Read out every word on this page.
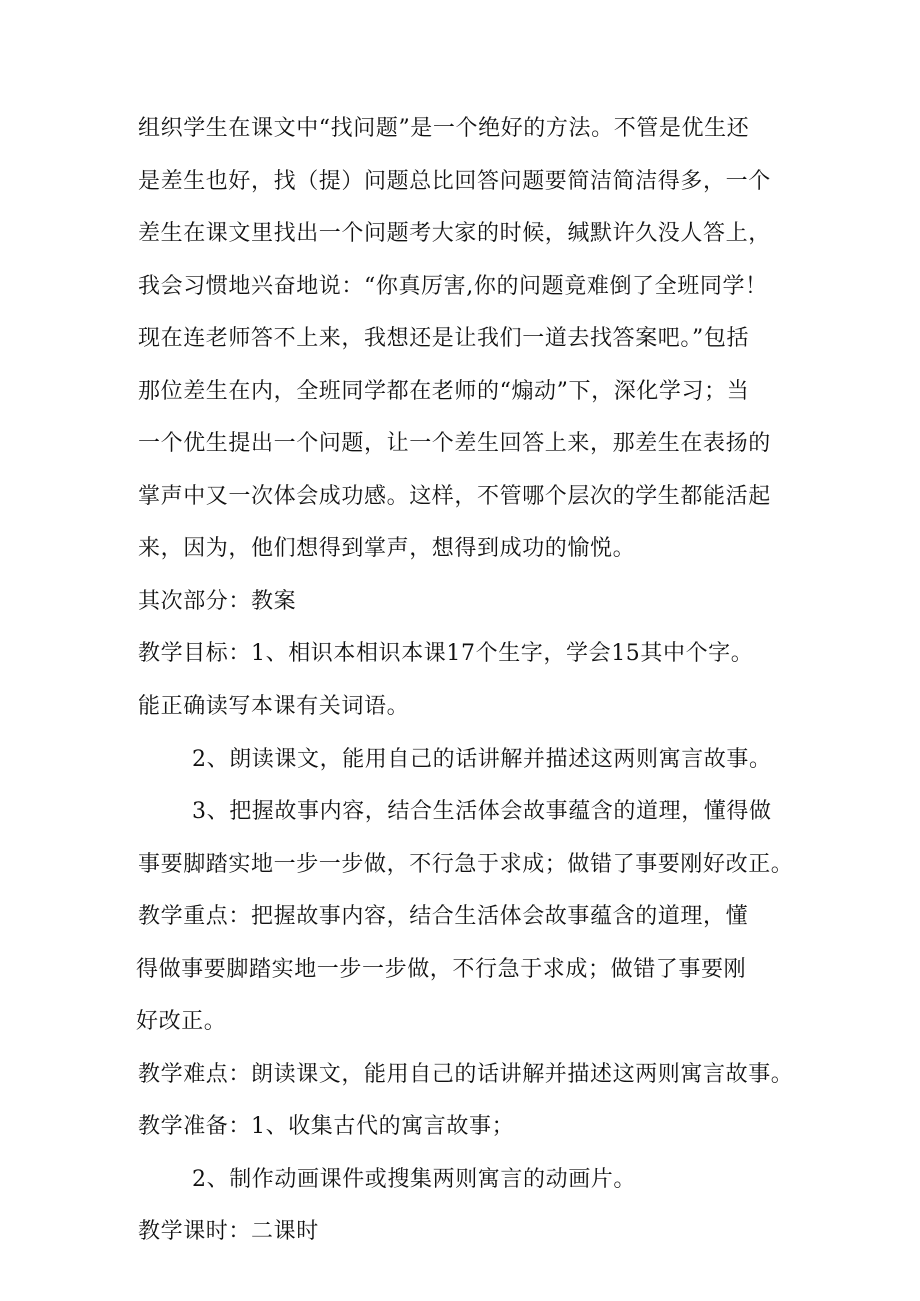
组织学生在课文中“找问题”是一个绝好的方法。不管是优生还

是差生也好，找（提）问题总比回答问题要简洁简洁得多，一个

差生在课文里找出一个问题考大家的时候，缄默许久没人答上，

我会习惯地兴奋地说：“你真厉害,你的问题竟难倒了全班同学！

现在连老师答不上来，我想还是让我们一道去找答案吧。”包括

那位差生在内，全班同学都在老师的“煽动”下，深化学习；当

一个优生提出一个问题，让一个差生回答上来，那差生在表扬的

掌声中又一次体会成功感。这样，不管哪个层次的学生都能活起

来，因为，他们想得到掌声，想得到成功的愉悦。

其次部分：教案

教学目标：1、相识本相识本课17个生字，学会15其中个字。

能正确读写本课有关词语。

2、朗读课文，能用自己的话讲解并描述这两则寓言故事。

3、把握故事内容，结合生活体会故事蕴含的道理，懂得做

事要脚踏实地一步一步做，不行急于求成；做错了事要刚好改正。

教学重点：把握故事内容，结合生活体会故事蕴含的道理，懂

得做事要脚踏实地一步一步做，不行急于求成；做错了事要刚

好改正。

教学难点：朗读课文，能用自己的话讲解并描述这两则寓言故事。

教学准备：1、收集古代的寓言故事；

2、制作动画课件或搜集两则寓言的动画片。

教学课时：二课时
